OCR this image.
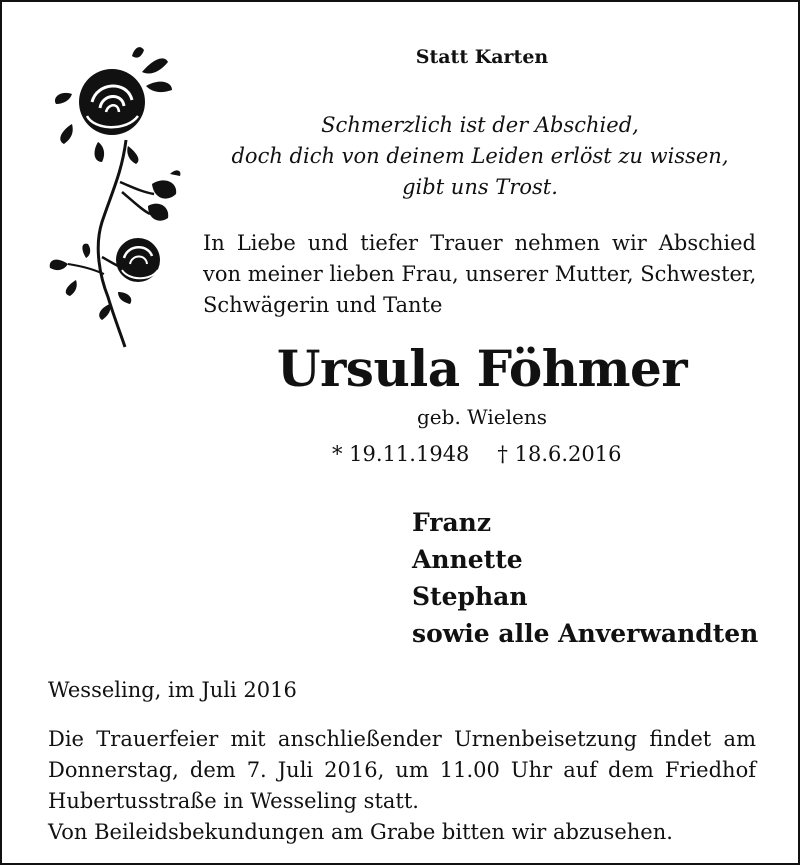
Statt Karten
Schmerzlich ist der Abschied,
doch dich von deinem Leiden erlöst zu wissen,
gibt uns Trost.
In Liebe und tiefer Trauer nehmen wir Abschied
von meiner lieben Frau, unserer Mutter, Schwester,
Schwägerin und Tante
Ursula Föhmer
geb. Wielens
* 19.11.1948 † 18.6.2016
Franz
Annette
Stephan
sowie alle Anverwandten
Wesseling, im Juli 2016
Die Trauerfeier mit anschließender Urnenbeisetzung findet am
Donnerstag, dem 7. Juli 2016, um 11.00 Uhr auf dem Friedhof
Hubertusstraße in Wesseling statt.
Von Beileidsbekundungen am Grabe bitten wir abzusehen.
